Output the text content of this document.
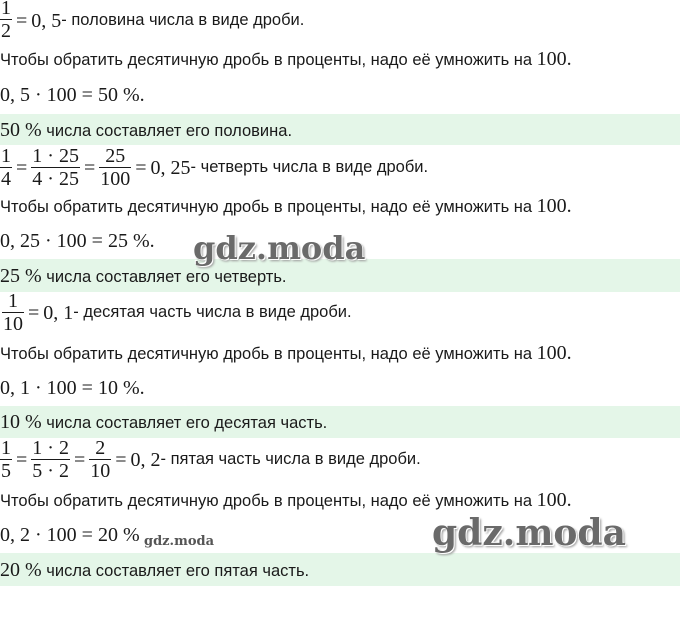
$\frac{1}{2} = 0$, 5- половина числа в виде дроби.
Чтобы обратить десятичную дробь в проценты, надо её умножить на 100.
0, 5 · 100 = 50 %.
50 % числа составляет его половина.
$\frac{1}{4} = \frac{1 \cdot 25}{4 \cdot 25} = \frac{25}{100} = 0$, 25- четверть числа в виде дроби.
Чтобы обратить десятичную дробь в проценты, надо её умножить на 100.
0, 25 · 100 = 25 %.
25 % числа составляет его четверть.
$\frac{1}{10} = 0$, 1- десятая часть числа в виде дроби.
Чтобы обратить десятичную дробь в проценты, надо её умножить на 100.
0, 1 · 100 = 10 %.
10 % числа составляет его десятая часть.
$\frac{1}{5} = \frac{1 \cdot 2}{5 \cdot 2} = \frac{2}{10} = 0$, 2- пятая часть числа в виде дроби.
Чтобы обратить десятичную дробь в проценты, надо её умножить на 100.
0, 2 · 100 = 20 %
20 % числа составляет его пятая часть.
gdz.moda
gdz.moda
gdz.moda
